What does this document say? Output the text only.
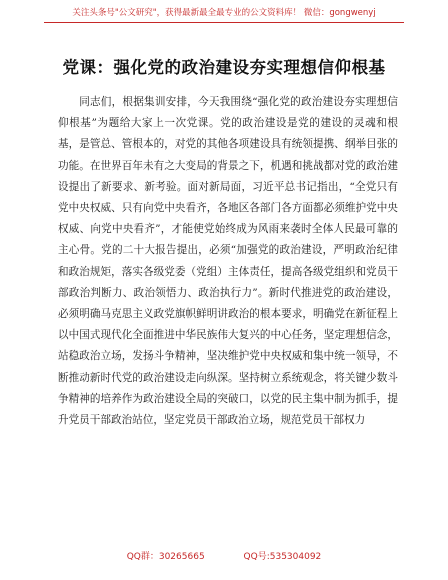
关注头条号"公文研究"，获得最新最全最专业的公文资料库！ 微信：gongwenyj
党课：强化党的政治建设夯实理想信仰根基

同志们，根据集训安排，今天我围绕“强化党的政治建设夯实理想信仰根基”为题给大家上一次党课。党的政治建设是党的建设的灵魂和根基，是管总、管根本的，对党的其他各项建设具有统领提携、纲举目张的功能。在世界百年未有之大变局的背景之下，机遇和挑战都对党的政治建设提出了新要求、新考验。面对新局面，习近平总书记指出，“全党只有党中央权威、只有向党中央看齐，各地区各部门各方面都必须维护党中央权威、向党中央看齐”，才能使党始终成为风雨来袭时全体人民最可靠的主心骨。党的二十大报告提出，必须“加强党的政治建设，严明政治纪律和政治规矩，落实各级党委（党组）主体责任，提高各级党组织和党员干部政治判断力、政治领悟力、政治执行力”。新时代推进党的政治建设，必须明确马克思主义政党旗帜鲜明讲政治的根本要求，明确党在新征程上以中国式现代化全面推进中华民族伟大复兴的中心任务，坚定理想信念，站稳政治立场，发扬斗争精神，坚决维护党中央权威和集中统一领导，不断推动新时代党的政治建设走向纵深。坚持树立系统观念，将关键少数斗争精神的培养作为政治建设全局的突破口，以党的民主集中制为抓手，提升党员干部政治站位，坚定党员干部政治立场，规范党员干部权力

QQ群：30265665	QQ号:535304092
